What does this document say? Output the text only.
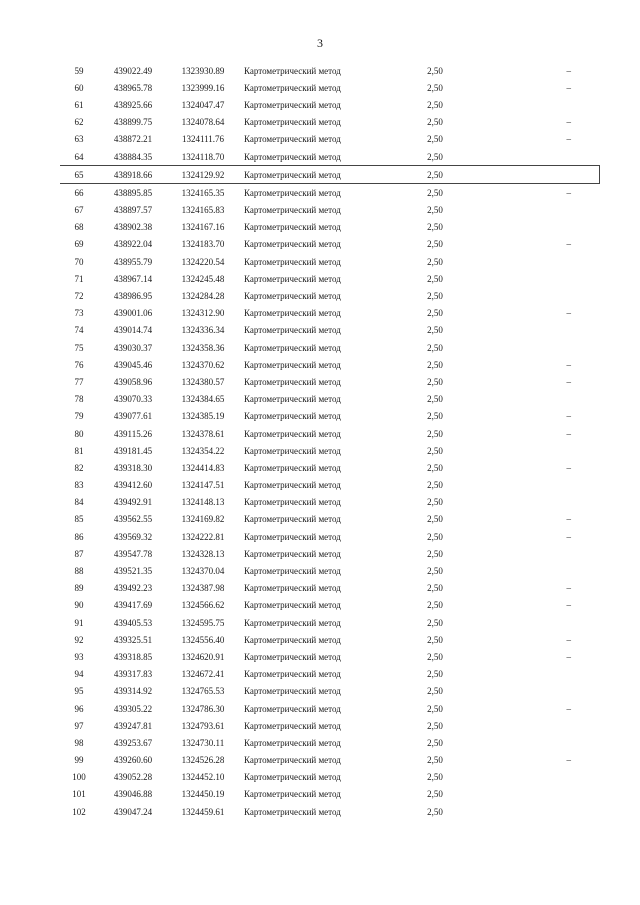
3
59	439022.49	1323930.89	Картометрический метод	2,50	–
60	438965.78	1323999.16	Картометрический метод	2,50	–
61	438925.66	1324047.47	Картометрический метод	2,50	
62	438899.75	1324078.64	Картометрический метод	2,50	–
63	438872.21	1324111.76	Картометрический метод	2,50	–
64	438884.35	1324118.70	Картометрический метод	2,50	
65	438918.66	1324129.92	Картометрический метод	2,50	
66	438895.85	1324165.35	Картометрический метод	2,50	–
67	438897.57	1324165.83	Картометрический метод	2,50	
68	438902.38	1324167.16	Картометрический метод	2,50	
69	438922.04	1324183.70	Картометрический метод	2,50	–
70	438955.79	1324220.54	Картометрический метод	2,50	
71	438967.14	1324245.48	Картометрический метод	2,50	
72	438986.95	1324284.28	Картометрический метод	2,50	
73	439001.06	1324312.90	Картометрический метод	2,50	–
74	439014.74	1324336.34	Картометрический метод	2,50	
75	439030.37	1324358.36	Картометрический метод	2,50	
76	439045.46	1324370.62	Картометрический метод	2,50	–
77	439058.96	1324380.57	Картометрический метод	2,50	–
78	439070.33	1324384.65	Картометрический метод	2,50	
79	439077.61	1324385.19	Картометрический метод	2,50	–
80	439115.26	1324378.61	Картометрический метод	2,50	–
81	439181.45	1324354.22	Картометрический метод	2,50	
82	439318.30	1324414.83	Картометрический метод	2,50	–
83	439412.60	1324147.51	Картометрический метод	2,50	
84	439492.91	1324148.13	Картометрический метод	2,50	
85	439562.55	1324169.82	Картометрический метод	2,50	–
86	439569.32	1324222.81	Картометрический метод	2,50	–
87	439547.78	1324328.13	Картометрический метод	2,50	
88	439521.35	1324370.04	Картометрический метод	2,50	
89	439492.23	1324387.98	Картометрический метод	2,50	–
90	439417.69	1324566.62	Картометрический метод	2,50	–
91	439405.53	1324595.75	Картометрический метод	2,50	
92	439325.51	1324556.40	Картометрический метод	2,50	–
93	439318.85	1324620.91	Картометрический метод	2,50	–
94	439317.83	1324672.41	Картометрический метод	2,50	
95	439314.92	1324765.53	Картометрический метод	2,50	
96	439305.22	1324786.30	Картометрический метод	2,50	–
97	439247.81	1324793.61	Картометрический метод	2,50	
98	439253.67	1324730.11	Картометрический метод	2,50	
99	439260.60	1324526.28	Картометрический метод	2,50	–
100	439052.28	1324452.10	Картометрический метод	2,50	
101	439046.88	1324450.19	Картометрический метод	2,50	
102	439047.24	1324459.61	Картометрический метод	2,50	
